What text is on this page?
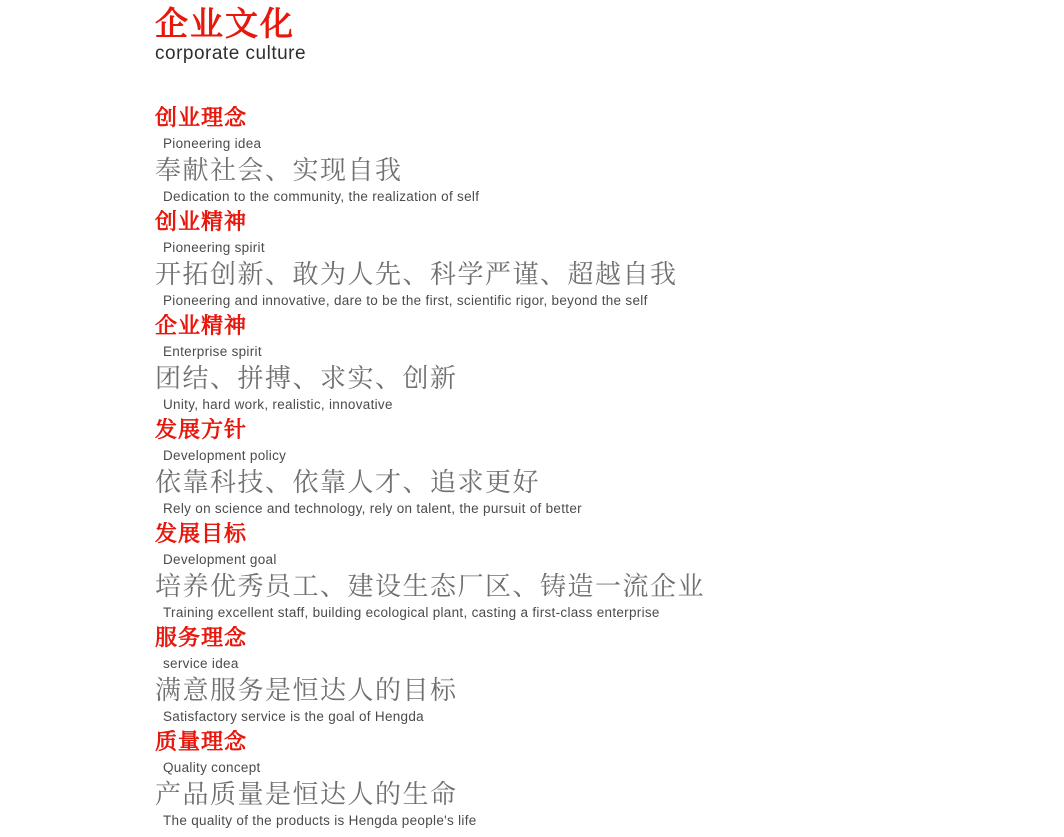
企业文化
corporate culture
创业理念
Pioneering idea
奉献社会、实现自我
Dedication to the community, the realization of self
创业精神
Pioneering spirit
开拓创新、敢为人先、科学严谨、超越自我
Pioneering and innovative, dare to be the first, scientific rigor, beyond the self
企业精神
Enterprise spirit
团结、拼搏、求实、创新
Unity, hard work, realistic, innovative
发展方针
Development policy
依靠科技、依靠人才、追求更好
Rely on science and technology, rely on talent, the pursuit of better
发展目标
Development goal
培养优秀员工、建设生态厂区、铸造一流企业
Training excellent staff, building ecological plant, casting a first-class enterprise
服务理念
service idea
满意服务是恒达人的目标
Satisfactory service is the goal of Hengda
质量理念
Quality concept
产品质量是恒达人的生命
The quality of the products is Hengda people's life
